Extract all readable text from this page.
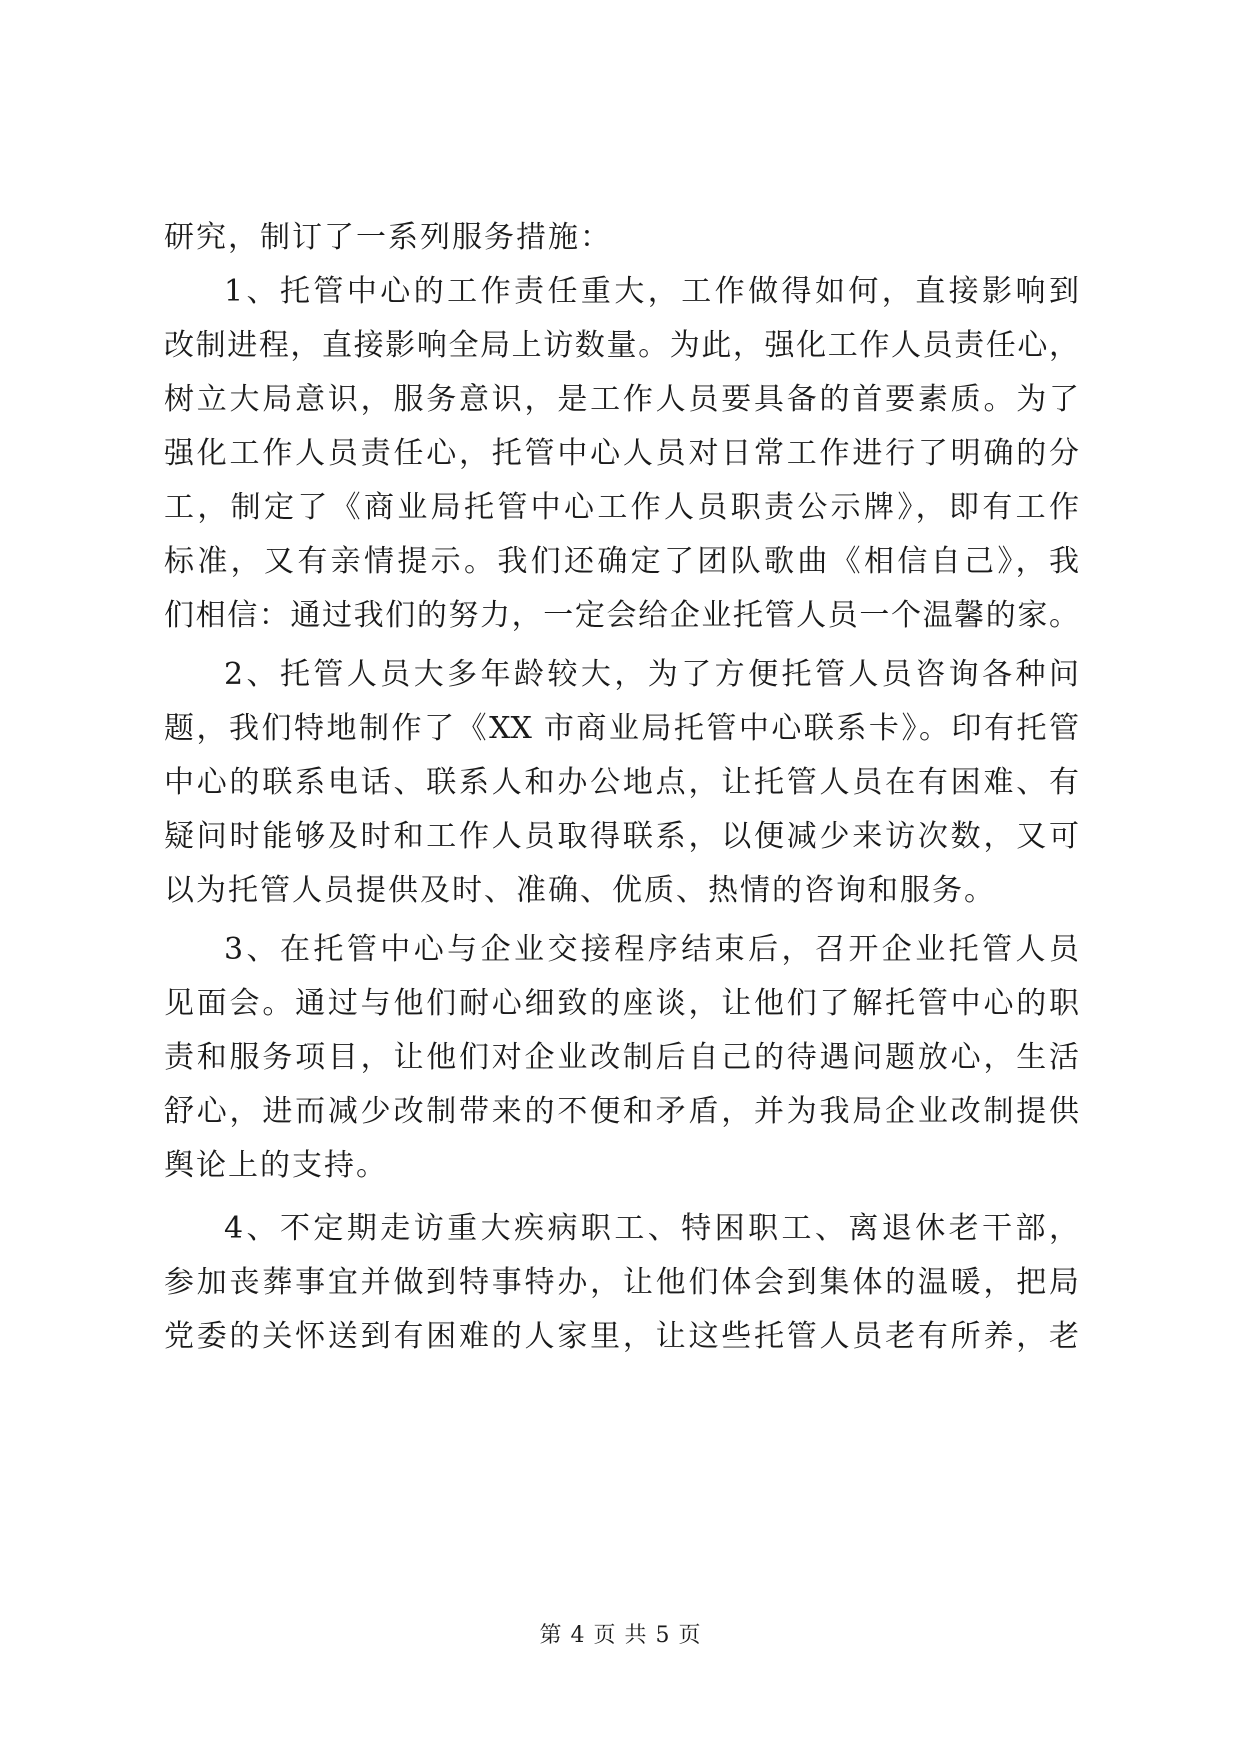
研究，制订了一系列服务措施：
1、托管中心的工作责任重大，工作做得如何，直接影响到
改制进程，直接影响全局上访数量。为此，强化工作人员责任心，
树立大局意识，服务意识，是工作人员要具备的首要素质。为了
强化工作人员责任心，托管中心人员对日常工作进行了明确的分
工，制定了《商业局托管中心工作人员职责公示牌》，即有工作
标准，又有亲情提示。我们还确定了团队歌曲《相信自己》，我
们相信：通过我们的努力，一定会给企业托管人员一个温馨的家。
2、托管人员大多年龄较大，为了方便托管人员咨询各种问
题，我们特地制作了《XX 市商业局托管中心联系卡》。印有托管
中心的联系电话、联系人和办公地点，让托管人员在有困难、有
疑问时能够及时和工作人员取得联系，以便减少来访次数，又可
以为托管人员提供及时、准确、优质、热情的咨询和服务。
3、在托管中心与企业交接程序结束后，召开企业托管人员
见面会。通过与他们耐心细致的座谈，让他们了解托管中心的职
责和服务项目，让他们对企业改制后自己的待遇问题放心，生活
舒心，进而减少改制带来的不便和矛盾，并为我局企业改制提供
舆论上的支持。
4、不定期走访重大疾病职工、特困职工、离退休老干部，
参加丧葬事宜并做到特事特办，让他们体会到集体的温暖，把局
党委的关怀送到有困难的人家里，让这些托管人员老有所养，老
第 4 页 共 5 页
